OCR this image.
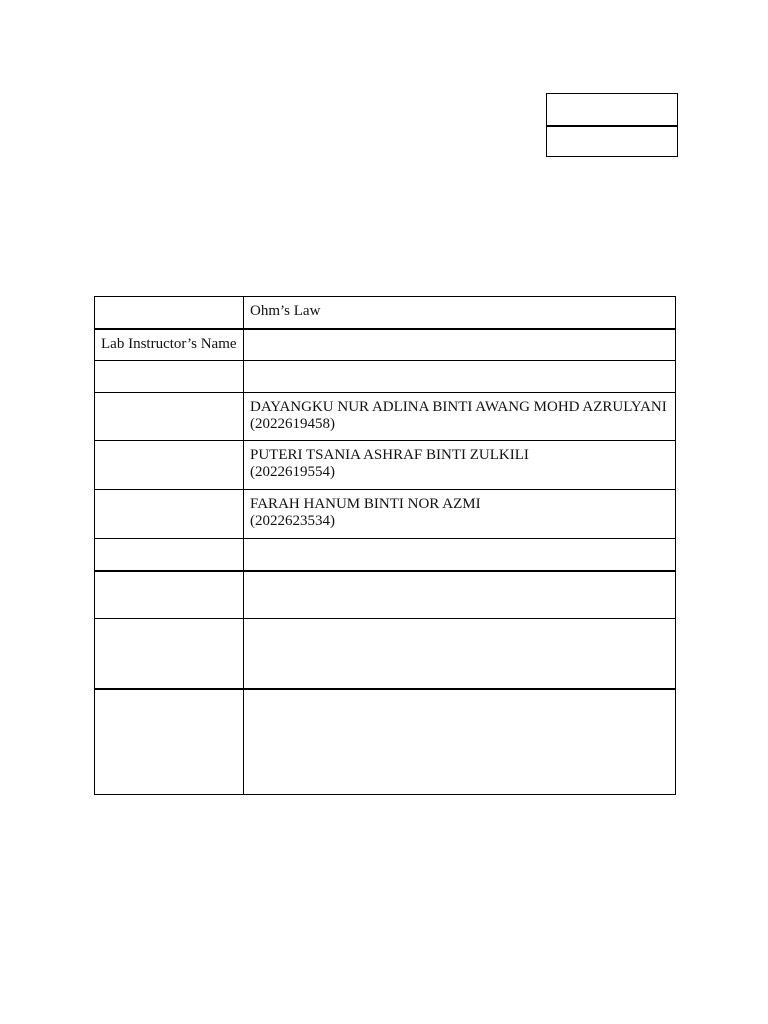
	Ohm’s Law
Lab Instructor’s Name	

	DAYANGKU NUR ADLINA BINTI AWANG MOHD AZRULYANI
(2022619458)

	PUTERI TSANIA ASHRAF BINTI ZULKILI
(2022619554)

	FARAH HANUM BINTI NOR AZMI
(2022623534)
